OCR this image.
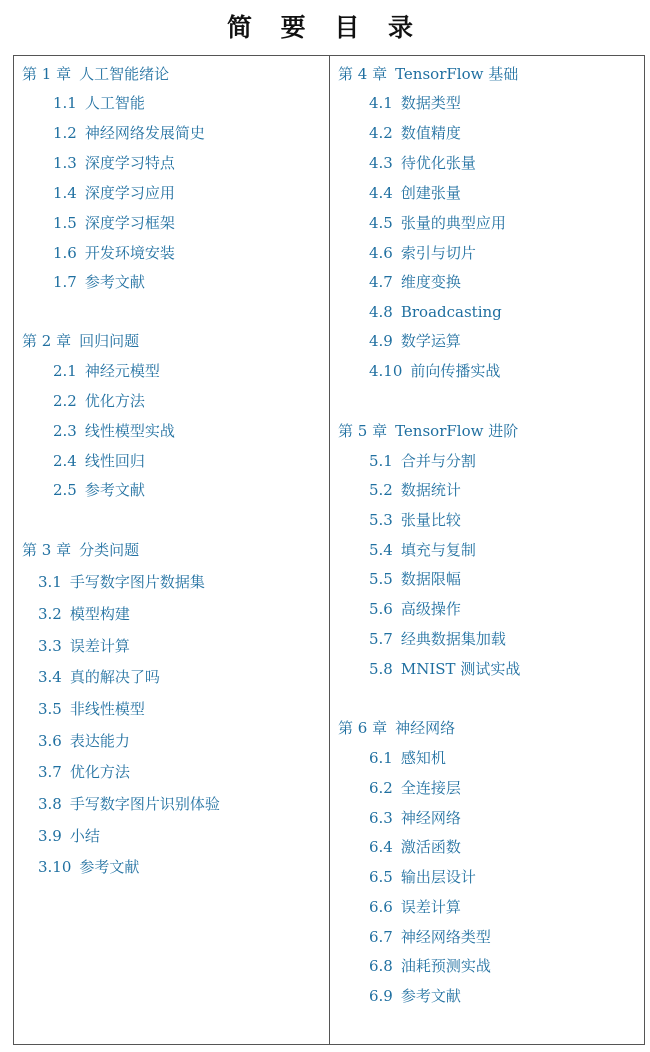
简 要 目 录
第 1 章 人工智能绪论
1.1 人工智能
1.2 神经网络发展简史
1.3 深度学习特点
1.4 深度学习应用
1.5 深度学习框架
1.6 开发环境安装
1.7 参考文献
第 2 章 回归问题
2.1 神经元模型
2.2 优化方法
2.3 线性模型实战
2.4 线性回归
2.5 参考文献
第 3 章 分类问题
3.1 手写数字图片数据集
3.2 模型构建
3.3 误差计算
3.4 真的解决了吗
3.5 非线性模型
3.6 表达能力
3.7 优化方法
3.8 手写数字图片识别体验
3.9 小结
3.10 参考文献
第 4 章 TensorFlow 基础
4.1 数据类型
4.2 数值精度
4.3 待优化张量
4.4 创建张量
4.5 张量的典型应用
4.6 索引与切片
4.7 维度变换
4.8 Broadcasting
4.9 数学运算
4.10 前向传播实战
第 5 章 TensorFlow 进阶
5.1 合并与分割
5.2 数据统计
5.3 张量比较
5.4 填充与复制
5.5 数据限幅
5.6 高级操作
5.7 经典数据集加载
5.8 MNIST 测试实战
第 6 章 神经网络
6.1 感知机
6.2 全连接层
6.3 神经网络
6.4 激活函数
6.5 输出层设计
6.6 误差计算
6.7 神经网络类型
6.8 油耗预测实战
6.9 参考文献
